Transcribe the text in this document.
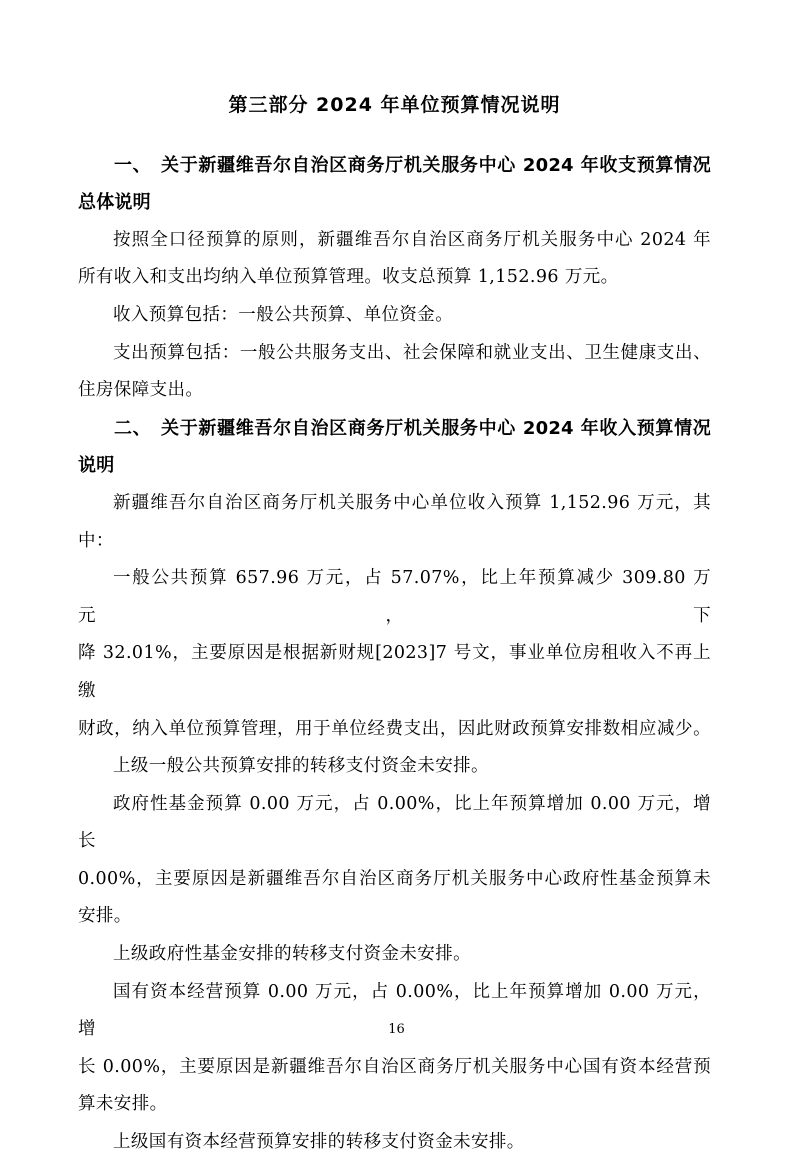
第三部分 2024 年单位预算情况说明
一、　关于新疆维吾尔自治区商务厅机关服务中心 2024 年收支预算情况
总体说明
按照全口径预算的原则，新疆维吾尔自治区商务厅机关服务中心 2024 年
所有收入和支出均纳入单位预算管理。收支总预算 1,152.96 万元。
收入预算包括：一般公共预算、单位资金。
支出预算包括：一般公共服务支出、社会保障和就业支出、卫生健康支出、
住房保障支出。
二、　关于新疆维吾尔自治区商务厅机关服务中心 2024 年收入预算情况
说明
新疆维吾尔自治区商务厅机关服务中心单位收入预算 1,152.96 万元，其
中：
一般公共预算 657.96 万元，占 57.07%，比上年预算减少 309.80 万元，下
降 32.01%，主要原因是根据新财规[2023]7 号文，事业单位房租收入不再上缴
财政，纳入单位预算管理，用于单位经费支出，因此财政预算安排数相应减少。
上级一般公共预算安排的转移支付资金未安排。
政府性基金预算 0.00 万元，占 0.00%，比上年预算增加 0.00 万元，增长
0.00%，主要原因是新疆维吾尔自治区商务厅机关服务中心政府性基金预算未
安排。
上级政府性基金安排的转移支付资金未安排。
国有资本经营预算 0.00 万元，占 0.00%，比上年预算增加 0.00 万元，增
长 0.00%，主要原因是新疆维吾尔自治区商务厅机关服务中心国有资本经营预
算未安排。
上级国有资本经营预算安排的转移支付资金未安排。
16
